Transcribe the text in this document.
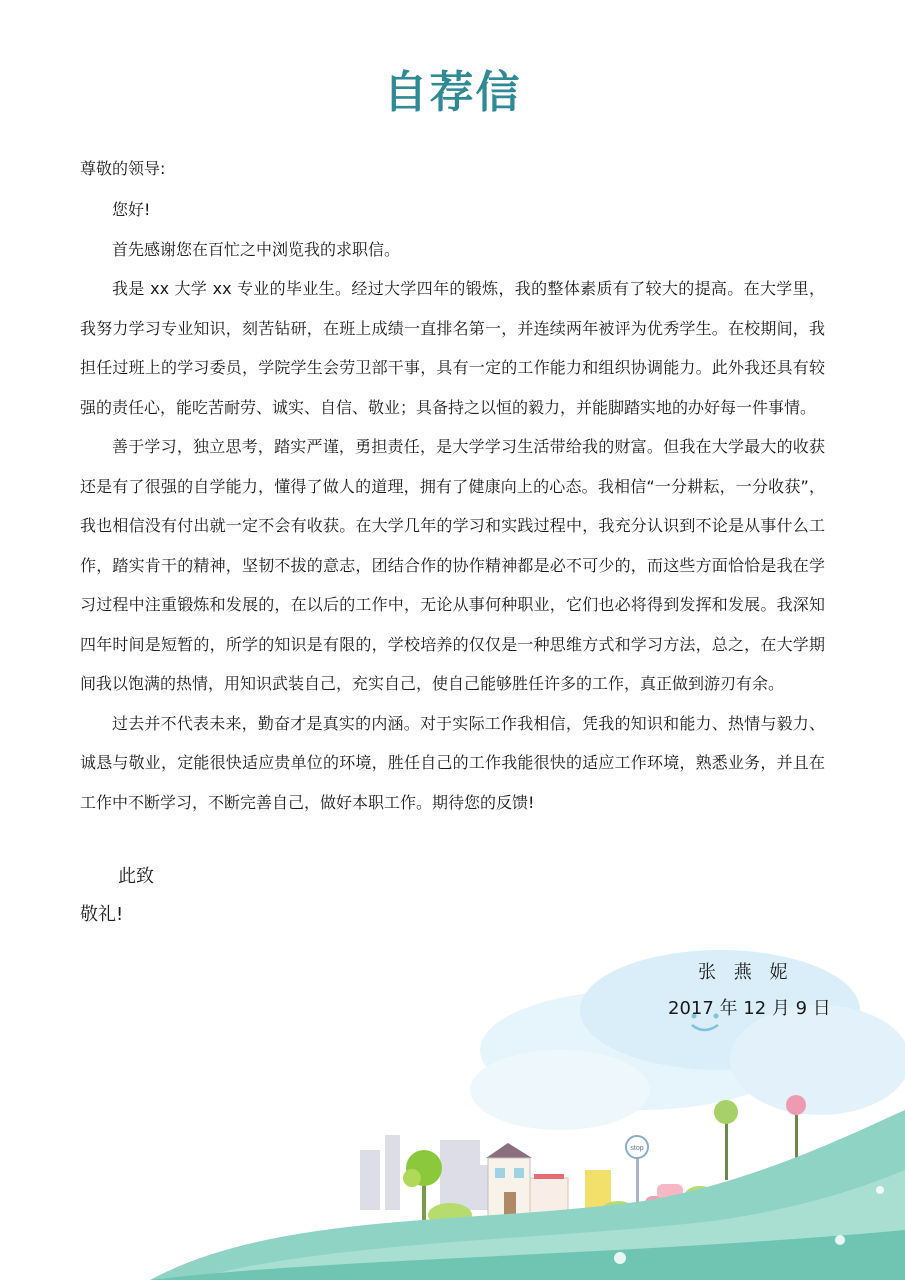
自荐信
尊敬的领导:

您好!

首先感谢您在百忙之中浏览我的求职信。

我是 xx 大学 xx 专业的毕业生。经过大学四年的锻炼，我的整体素质有了较大的提高。在大学里，我努力学习专业知识，刻苦钻研，在班上成绩一直排名第一，并连续两年被评为优秀学生。在校期间，我担任过班上的学习委员，学院学生会劳卫部干事，具有一定的工作能力和组织协调能力。此外我还具有较强的责任心，能吃苦耐劳、诚实、自信、敬业；具备持之以恒的毅力，并能脚踏实地的办好每一件事情。

善于学习，独立思考，踏实严谨，勇担责任，是大学学习生活带给我的财富。但我在大学最大的收获还是有了很强的自学能力，懂得了做人的道理，拥有了健康向上的心态。我相信“一分耕耘，一分收获”，我也相信没有付出就一定不会有收获。在大学几年的学习和实践过程中，我充分认识到不论是从事什么工作，踏实肯干的精神，坚韧不拔的意志，团结合作的协作精神都是必不可少的，而这些方面恰恰是我在学习过程中注重锻炼和发展的，在以后的工作中，无论从事何种职业，它们也必将得到发挥和发展。我深知四年时间是短暂的，所学的知识是有限的，学校培养的仅仅是一种思维方式和学习方法，总之，在大学期间我以饱满的热情，用知识武装自己，充实自己，使自己能够胜任许多的工作，真正做到游刃有余。

过去并不代表未来，勤奋才是真实的内涵。对于实际工作我相信，凭我的知识和能力、热情与毅力、诚恳与敬业，定能很快适应贵单位的环境，胜任自己的工作我能很快的适应工作环境，熟悉业务，并且在工作中不断学习，不断完善自己，做好本职工作。期待您的反馈!

stop
此致
敬礼!
张 燕 妮
2017 年 12 月 9 日
